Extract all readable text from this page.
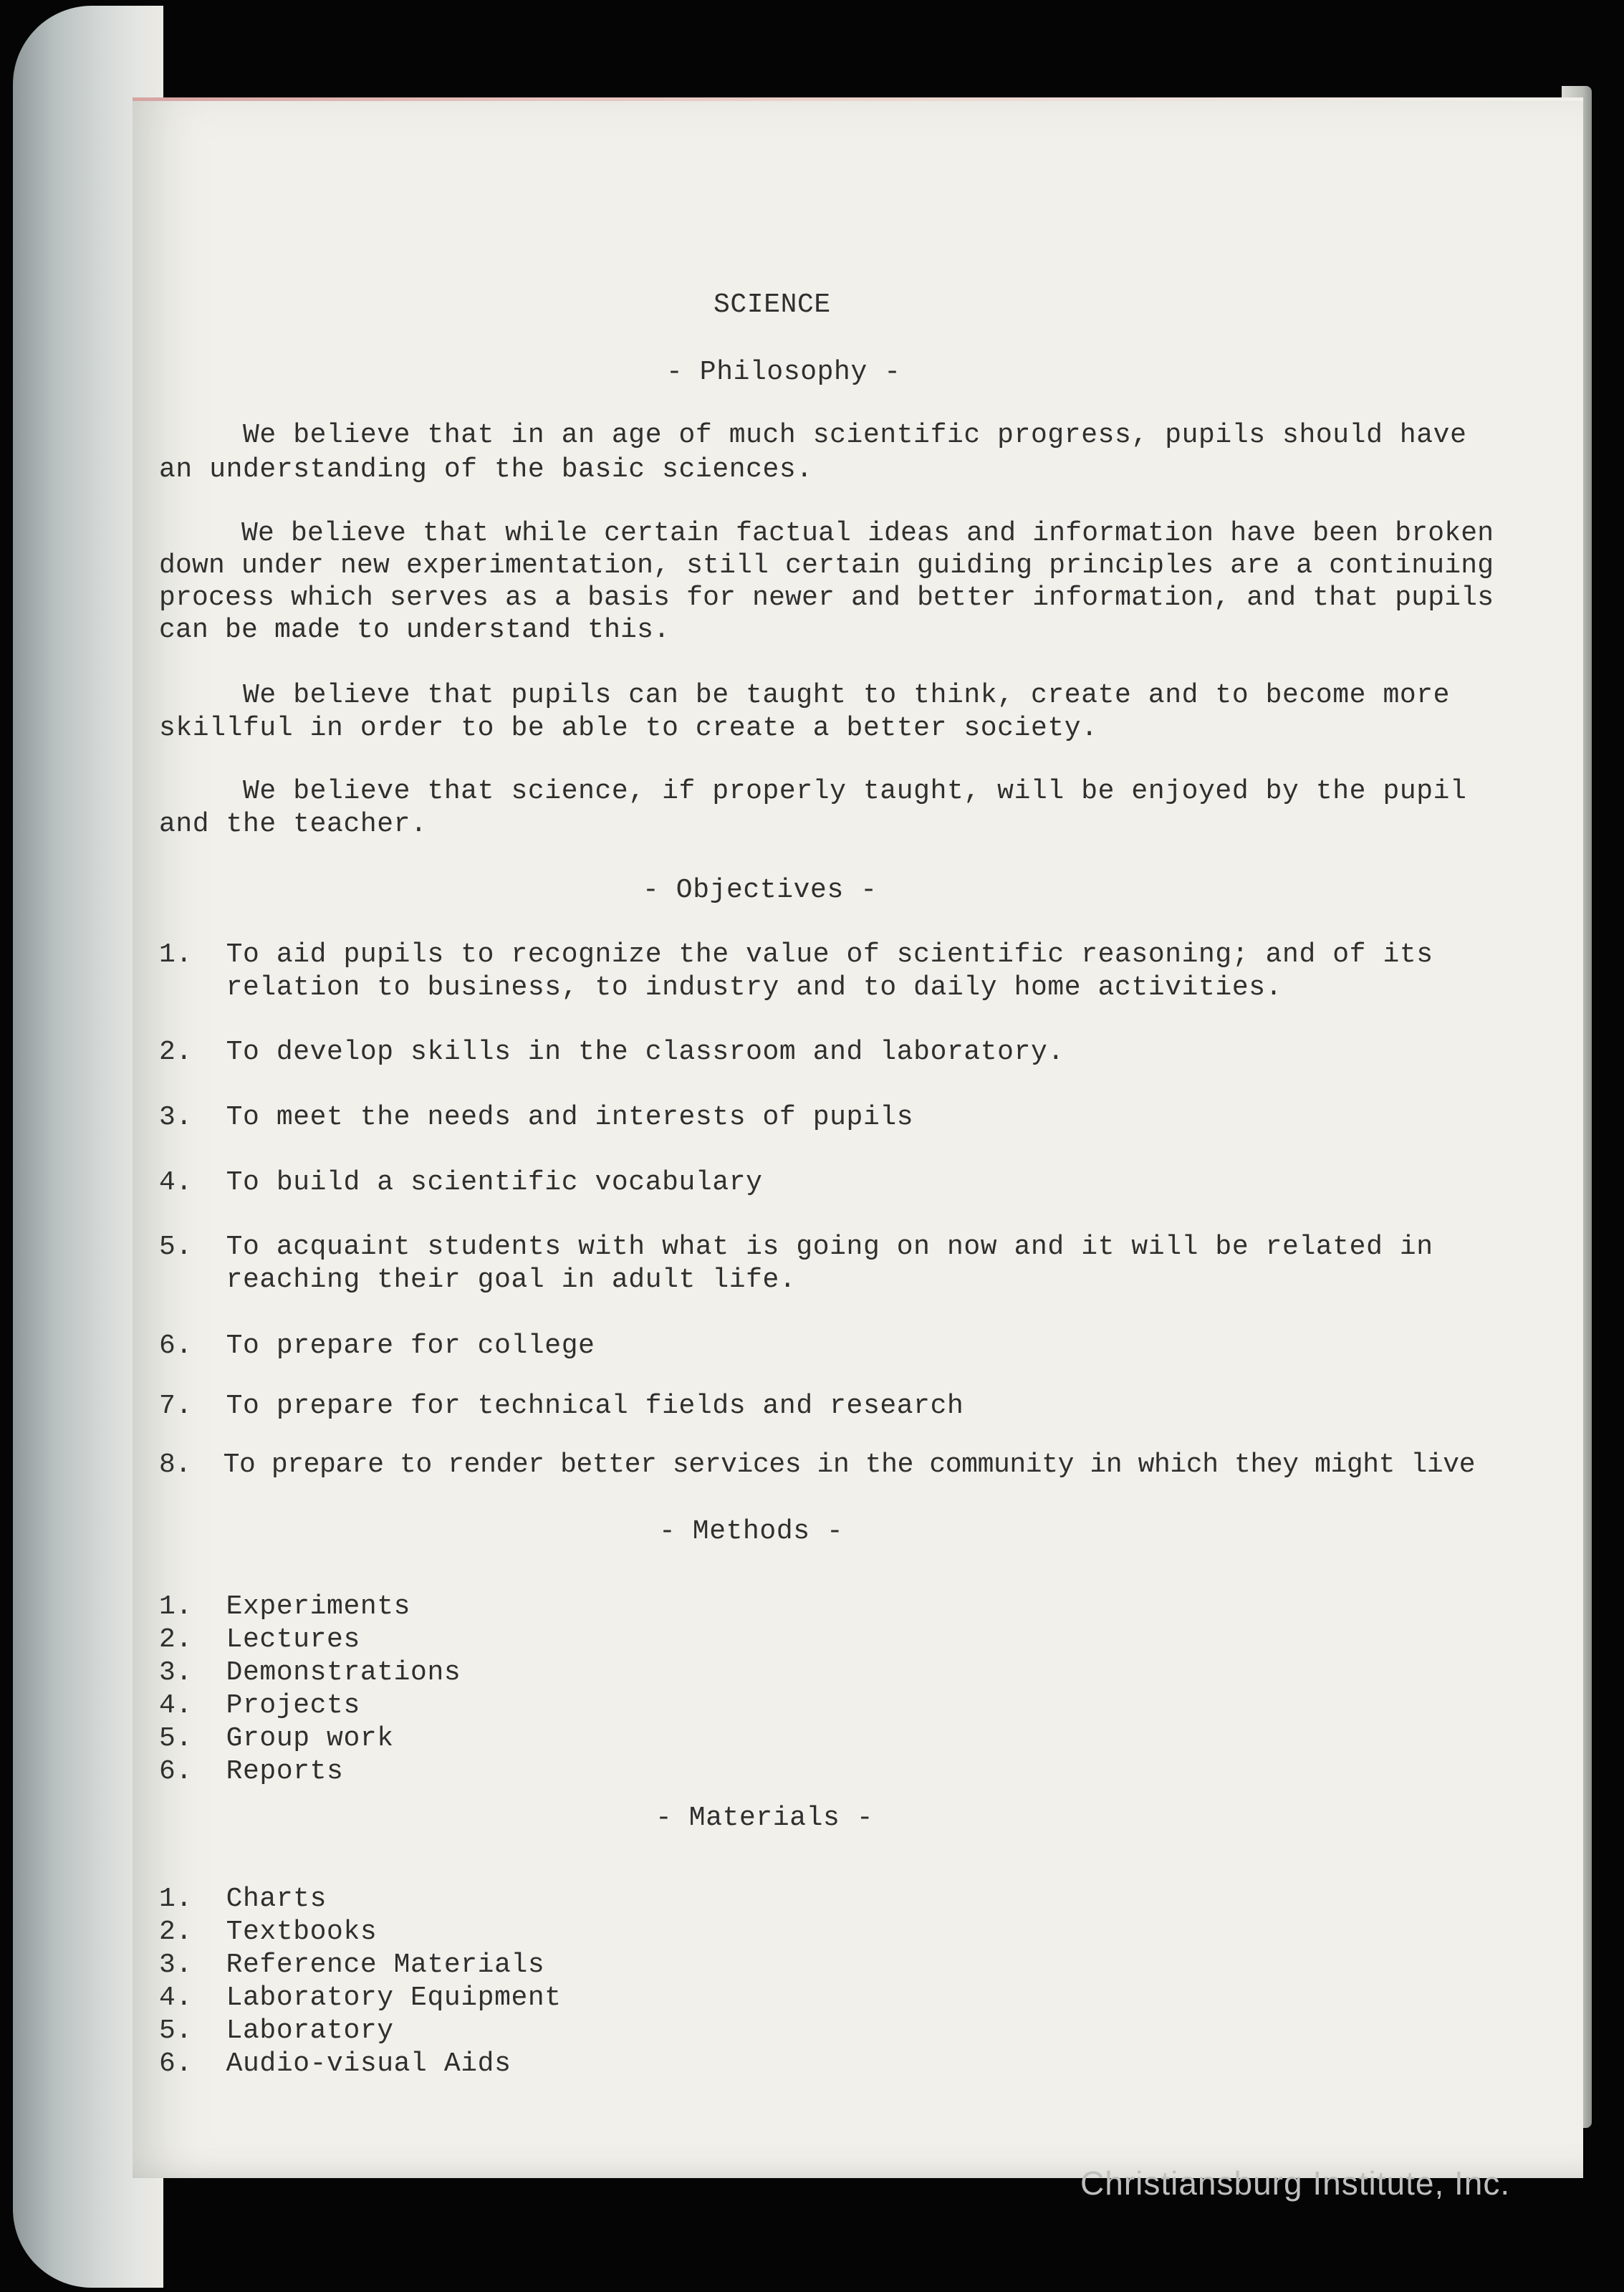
SCIENCE
- Philosophy -
We believe that in an age of much scientific progress, pupils should have
an understanding of the basic sciences.
We believe that while certain factual ideas and information have been broken
down under new experimentation, still certain guiding principles are a continuing
process which serves as a basis for newer and better information, and that pupils
can be made to understand this.
We believe that pupils can be taught to think, create and to become more
skillful in order to be able to create a better society.
We believe that science, if properly taught, will be enjoyed by the pupil
and the teacher.
- Objectives -
1.  To aid pupils to recognize the value of scientific reasoning; and of its
relation to business, to industry and to daily home activities.
2.  To develop skills in the classroom and laboratory.
3.  To meet the needs and interests of pupils
4.  To build a scientific vocabulary
5.  To acquaint students with what is going on now and it will be related in
reaching their goal in adult life.
6.  To prepare for college
7.  To prepare for technical fields and research
8.  To prepare to render better services in the community in which they might live
- Methods -
1.  Experiments
2.  Lectures
3.  Demonstrations
4.  Projects
5.  Group work
6.  Reports
- Materials -
1.  Charts
2.  Textbooks
3.  Reference Materials
4.  Laboratory Equipment
5.  Laboratory
6.  Audio-visual Aids
Christiansburg Institute, Inc.
